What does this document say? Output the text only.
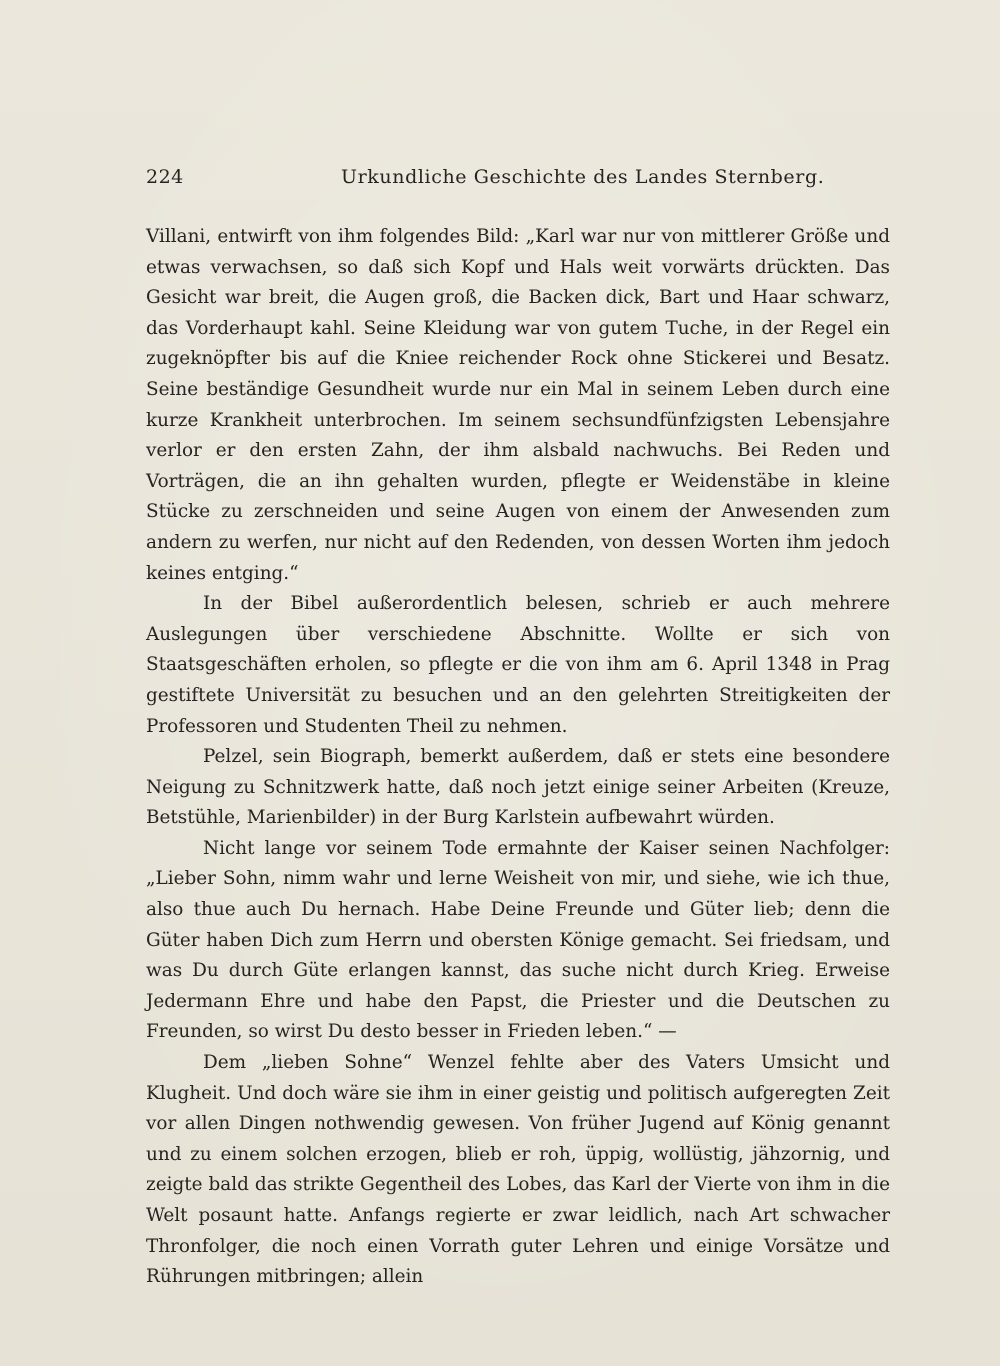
224	Urkundliche Geschichte des Landes Sternberg.

Villani, entwirft von ihm folgendes Bild: „Karl war nur von mittlerer Größe und etwas verwachsen, so daß sich Kopf und Hals weit vorwärts drückten. Das Gesicht war breit, die Augen groß, die Backen dick, Bart und Haar schwarz, das Vorderhaupt kahl. Seine Kleidung war von gutem Tuche, in der Regel ein zugeknöpfter bis auf die Kniee reichender Rock ohne Stickerei und Besatz. Seine beständige Gesundheit wurde nur ein Mal in seinem Leben durch eine kurze Krankheit unterbrochen. Im seinem sechsundfünfzigsten Lebensjahre verlor er den ersten Zahn, der ihm alsbald nachwuchs. Bei Reden und Vorträgen, die an ihn gehalten wurden, pflegte er Weidenstäbe in kleine Stücke zu zerschneiden und seine Augen von einem der Anwesenden zum andern zu werfen, nur nicht auf den Redenden, von dessen Worten ihm jedoch keines entging.“

In der Bibel außerordentlich belesen, schrieb er auch mehrere Auslegungen über verschiedene Abschnitte. Wollte er sich von Staatsgeschäften erholen, so pflegte er die von ihm am 6. April 1348 in Prag gestiftete Universität zu besuchen und an den gelehrten Streitigkeiten der Professoren und Studenten Theil zu nehmen.

Pelzel, sein Biograph, bemerkt außerdem, daß er stets eine besondere Neigung zu Schnitzwerk hatte, daß noch jetzt einige seiner Arbeiten (Kreuze, Betstühle, Marienbilder) in der Burg Karlstein aufbewahrt würden.

Nicht lange vor seinem Tode ermahnte der Kaiser seinen Nachfolger: „Lieber Sohn, nimm wahr und lerne Weisheit von mir, und siehe, wie ich thue, also thue auch Du hernach. Habe Deine Freunde und Güter lieb; denn die Güter haben Dich zum Herrn und obersten Könige gemacht. Sei friedsam, und was Du durch Güte erlangen kannst, das suche nicht durch Krieg. Erweise Jedermann Ehre und habe den Papst, die Priester und die Deutschen zu Freunden, so wirst Du desto besser in Frieden leben.“ —

Dem „lieben Sohne“ Wenzel fehlte aber des Vaters Umsicht und Klugheit. Und doch wäre sie ihm in einer geistig und politisch aufgeregten Zeit vor allen Dingen nothwendig gewesen. Von früher Jugend auf König genannt und zu einem solchen erzogen, blieb er roh, üppig, wollüstig, jähzornig, und zeigte bald das strikte Gegentheil des Lobes, das Karl der Vierte von ihm in die Welt posaunt hatte. Anfangs regierte er zwar leidlich, nach Art schwacher Thronfolger, die noch einen Vorrath guter Lehren und einige Vorsätze und Rührungen mitbringen; allein
